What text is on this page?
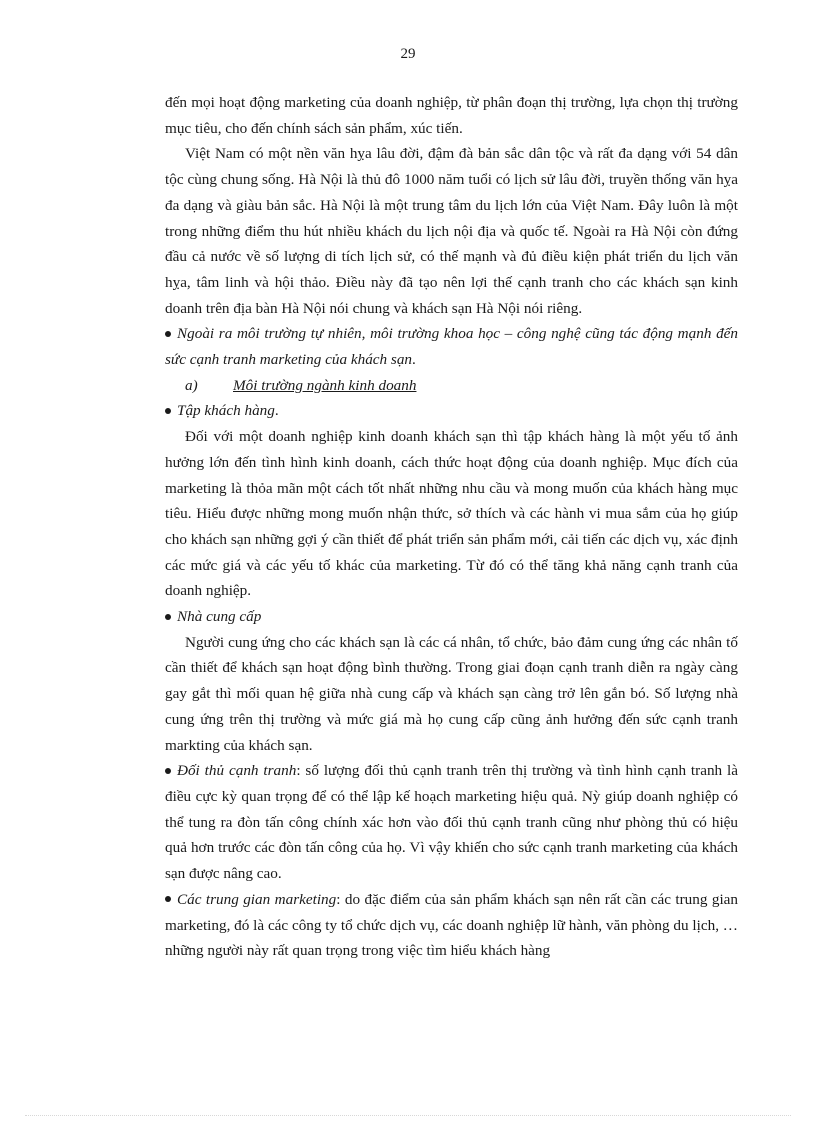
29

đến mọi hoạt động marketing của doanh nghiệp, từ phân đoạn thị trường, lựa chọn thị trường mục tiêu, cho đến chính sách sản phẩm, xúc tiến.

Việt Nam có một nền văn hỵa lâu đời, đậm đà bản sắc dân tộc và rất đa dạng với 54 dân tộc cùng chung sống. Hà Nội là thủ đô 1000 năm tuổi có lịch sử lâu đời, truyền thống văn hỵa đa dạng và giàu bản sắc. Hà Nội là một trung tâm du lịch lớn của Việt Nam. Đây luôn là một trong những điểm thu hút nhiều khách du lịch nội địa và quốc tế. Ngoài ra Hà Nội còn đứng đầu cả nước về số lượng di tích lịch sử, có thế mạnh và đủ điều kiện phát triển du lịch văn hỵa, tâm linh và hội thảo. Điều này đã tạo nên lợi thế cạnh tranh cho các khách sạn kinh doanh trên địa bàn Hà Nội nói chung và khách sạn Hà Nội nói riêng.

Ngoài ra môi trường tự nhiên, môi trường khoa học – công nghệ cũng tác động mạnh đến sức cạnh tranh marketing của khách sạn.

a)	Môi trường ngành kinh doanh

Tập khách hàng.

Đối với một doanh nghiệp kinh doanh khách sạn thì tập khách hàng là một yếu tố ảnh hưởng lớn đến tình hình kinh doanh, cách thức hoạt động của doanh nghiệp. Mục đích của marketing là thỏa mãn một cách tốt nhất những nhu cầu và mong muốn của khách hàng mục tiêu. Hiểu được những mong muốn nhận thức, sở thích và các hành vi mua sắm của họ giúp cho khách sạn những gợi ý cần thiết để phát triển sản phẩm mới, cải tiến các dịch vụ, xác định các mức giá và các yếu tố khác của marketing. Từ đó có thể tăng khả năng cạnh tranh của doanh nghiệp.

Nhà cung cấp

Người cung ứng cho các khách sạn là các cá nhân, tổ chức, bảo đảm cung ứng các nhân tố cần thiết để khách sạn hoạt động bình thường. Trong giai đoạn cạnh tranh diễn ra ngày càng gay gắt thì mối quan hệ giữa nhà cung cấp và khách sạn càng trở lên gắn bó. Số lượng nhà cung ứng trên thị trường và mức giá mà họ cung cấp cũng ảnh hưởng đến sức cạnh tranh markting của khách sạn.

Đối thủ cạnh tranh: số lượng đối thủ cạnh tranh trên thị trường và tình hình cạnh tranh là điều cực kỳ quan trọng để có thể lập kế hoạch marketing hiệu quả. Nỳ giúp doanh nghiệp có thể tung ra đòn tấn công chính xác hơn vào đối thủ cạnh tranh cũng như phòng thủ có hiệu quả hơn trước các đòn tấn công của họ. Vì vậy khiến cho sức cạnh tranh marketing của khách sạn được nâng cao.

Các trung gian marketing: do đặc điểm của sản phẩm khách sạn nên rất cần các trung gian marketing, đó là các công ty tổ chức dịch vụ, các doanh nghiệp lữ hành, văn phòng du lịch, …những người này rất quan trọng trong việc tìm hiểu khách hàng
